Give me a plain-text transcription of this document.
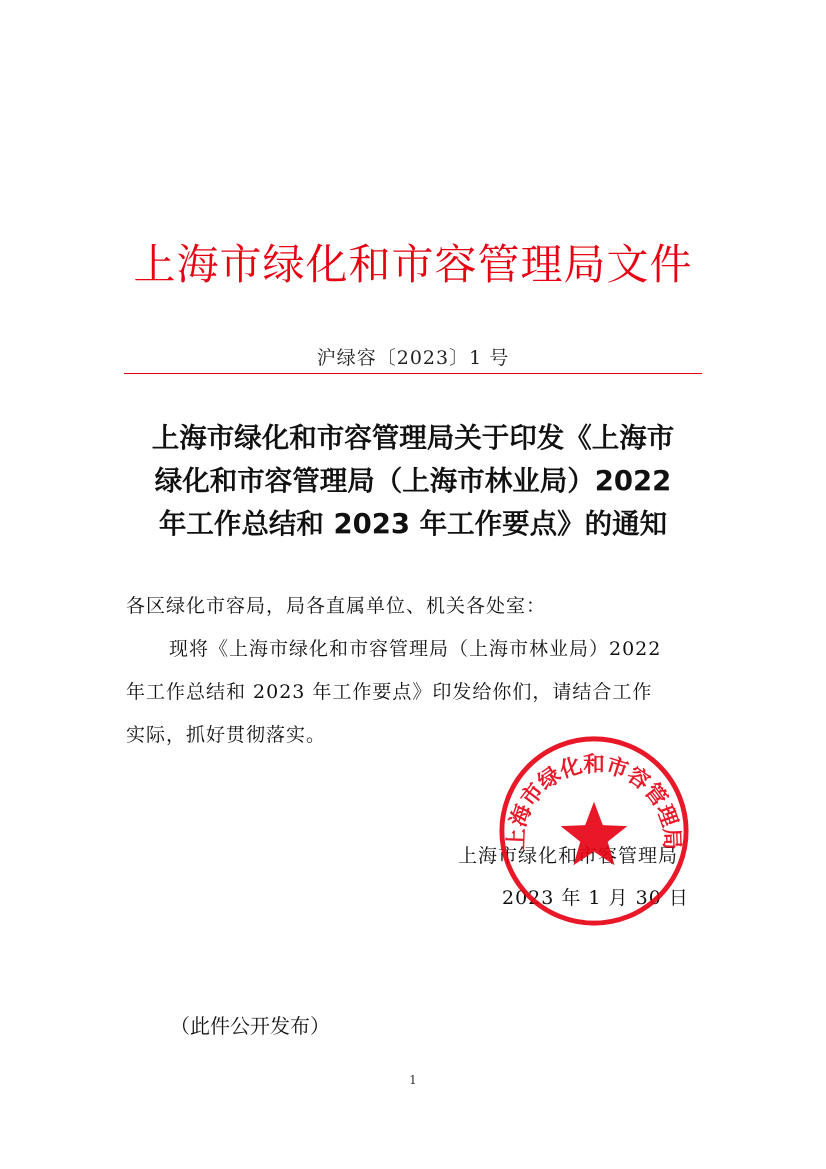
上海市绿化和市容管理局文件
沪绿容〔2023〕1 号
上海市绿化和市容管理局关于印发《上海市
绿化和市容管理局（上海市林业局）2022
年工作总结和 2023 年工作要点》的通知
各区绿化市容局，局各直属单位、机关各处室：
现将《上海市绿化和市容管理局（上海市林业局）2022
年工作总结和 2023 年工作要点》印发给你们，请结合工作
实际，抓好贯彻落实。
上海市绿化和市容管理局
2023 年 1 月 30 日
上海市绿化和市容管理局
（此件公开发布）
1
